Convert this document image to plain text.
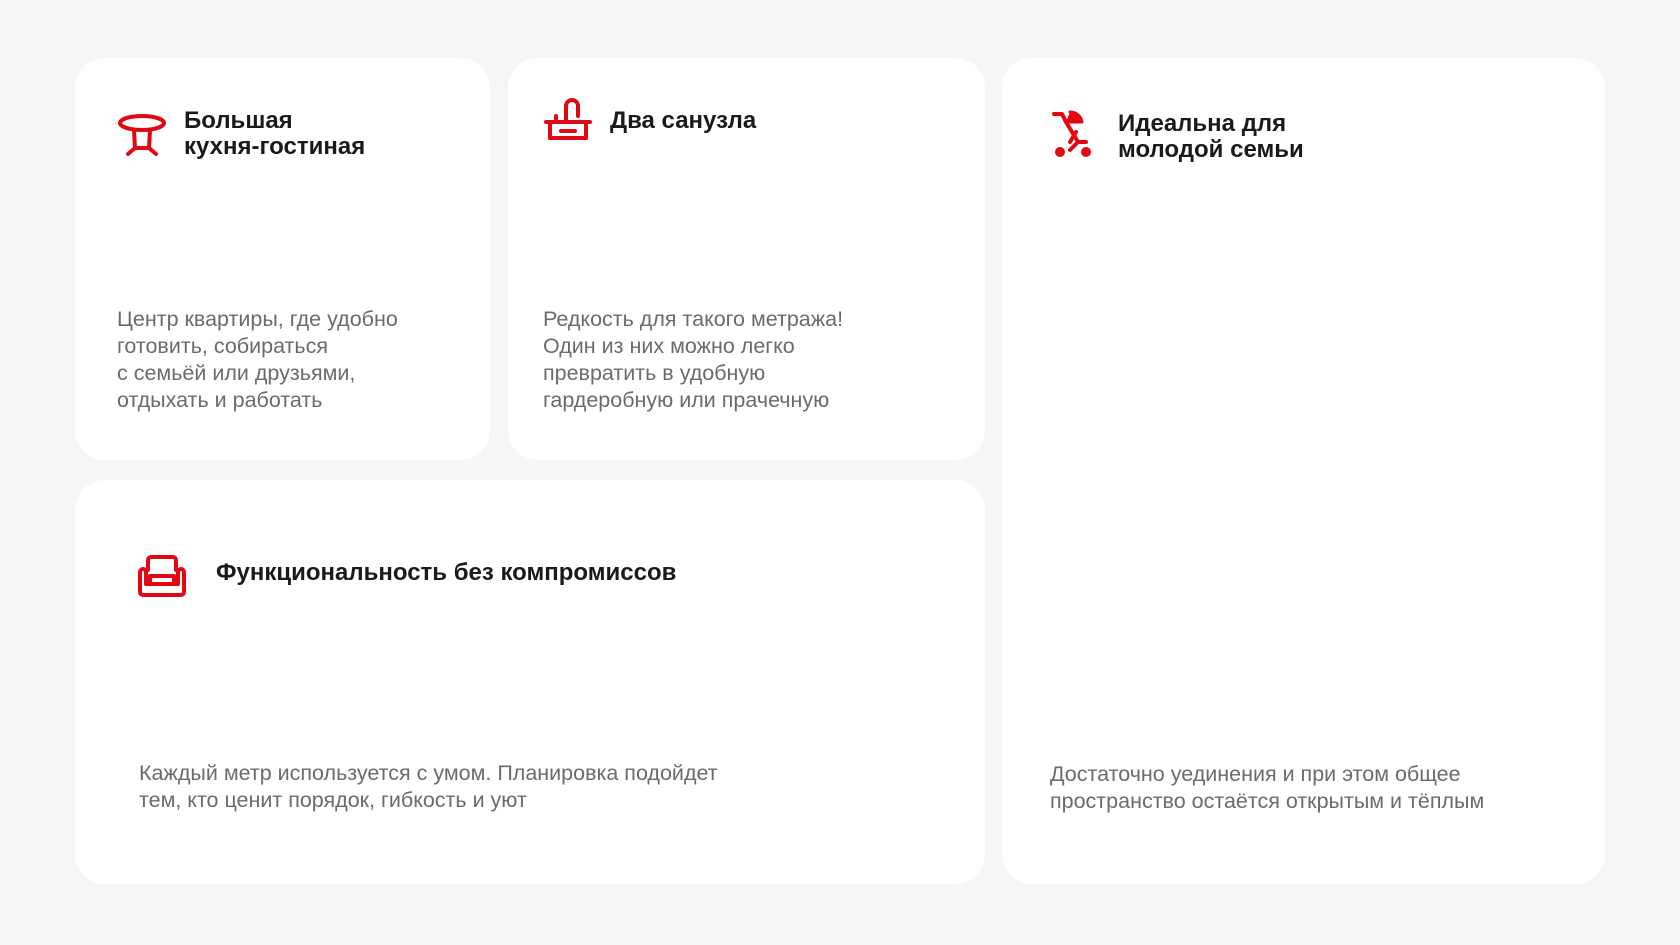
Большая
кухня-гостиная

Центр квартиры, где удобно
готовить, собираться
с семьёй или друзьями,
отдыхать и работать

Два санузла

Редкость для такого метража!
Один из них можно легко
превратить в удобную
гардеробную или прачечную

Идеальна для
молодой семьи

Достаточно уединения и при этом общее
пространство остаётся открытым и тёплым

Функциональность без компромиссов

Каждый метр используется с умом. Планировка подойдет
тем, кто ценит порядок, гибкость и уют
